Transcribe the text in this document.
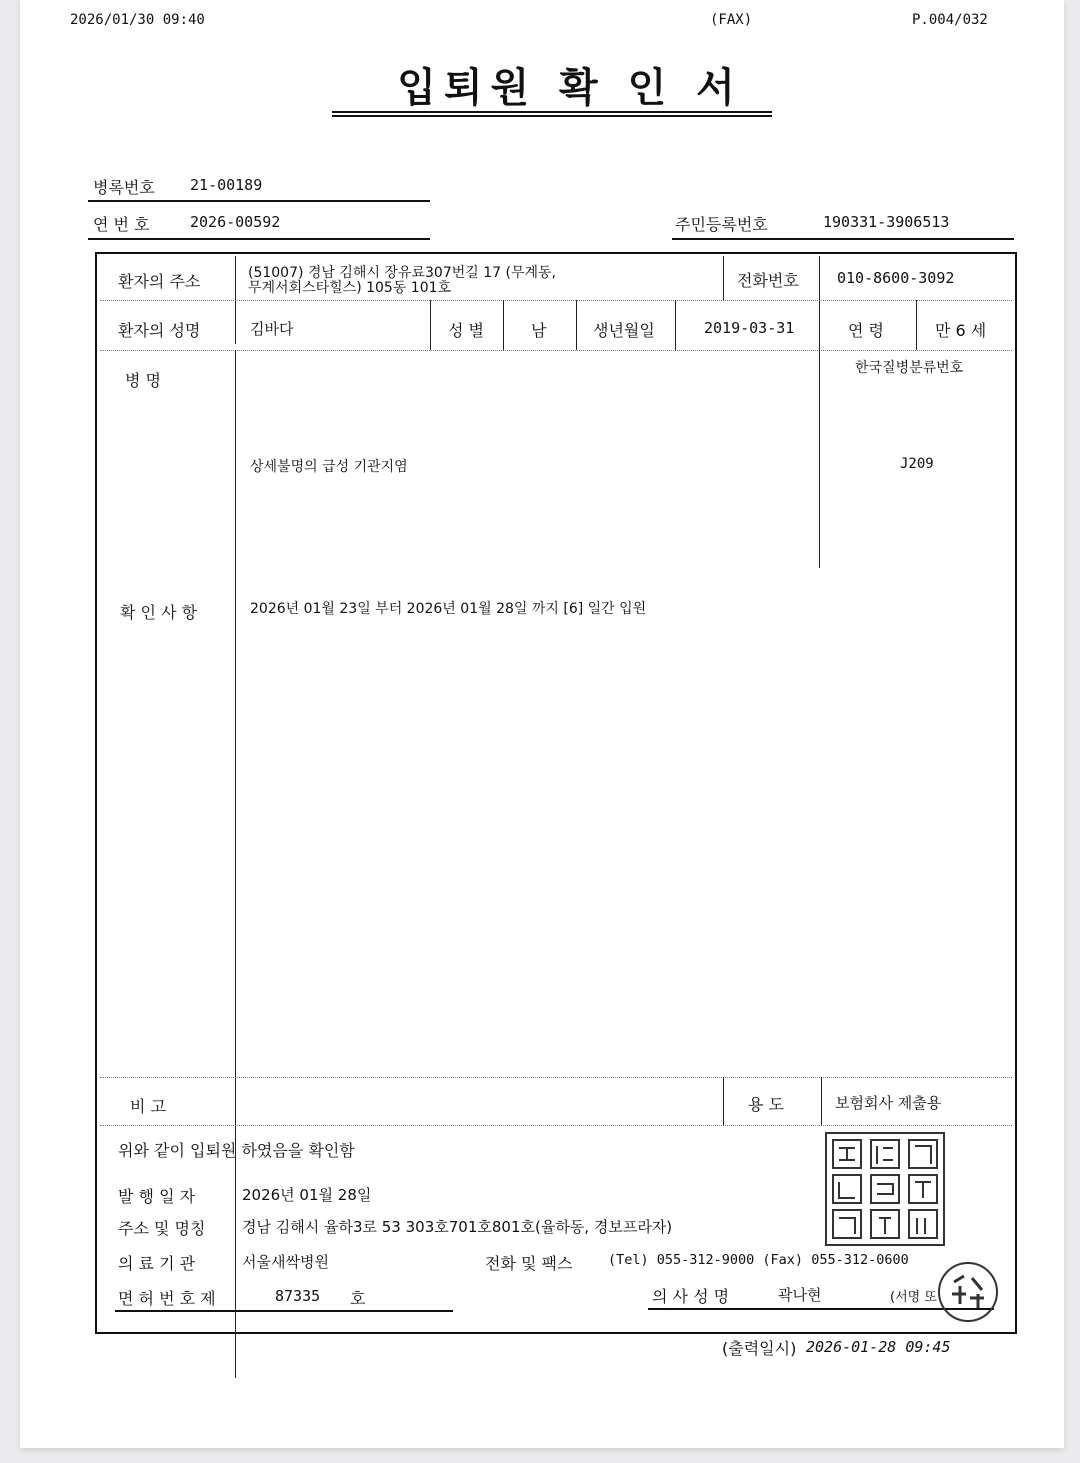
2026/01/30 09:40	(FAX)	P.004/032
입퇴원 확 인 서
병록번호 21-00189
연 번 호	2026-00592	주민등록번호	190331-3906513
환자의 주소	(51007) 경남 김해시 장유료307번길 17 (무계동,
무계서회스타힐스) 105동 101호	전화번호	010-8600-3092
환자의 성명	김바다	성 별	남	생년월일	2019-03-31	연 령	만 6 세
병 명
한국질병분류번호
상세불명의 급성 기관지염	J209
확 인 사 항	2026년 01월 23일 부터 2026년 01월 28일 까지 [6] 일간 입원
비 고	용 도	보험회사 제출용
위와 같이 입퇴원 하였음을 확인함
발 행 일 자	2026년 01월 28일
주소 및 명칭 경남 김해시 율하3로 53 303호701호801호(율하동, 경보프라자)
의 료 기 관	서울새싹병원	전화 및 팩스	(Tel) 055-312-9000 (Fax) 055-312-0600
면 허 번 호 제	87335 호	의 사 성 명	곽나현	(서명 또
(출력일시) 2026-01-28 09:45
